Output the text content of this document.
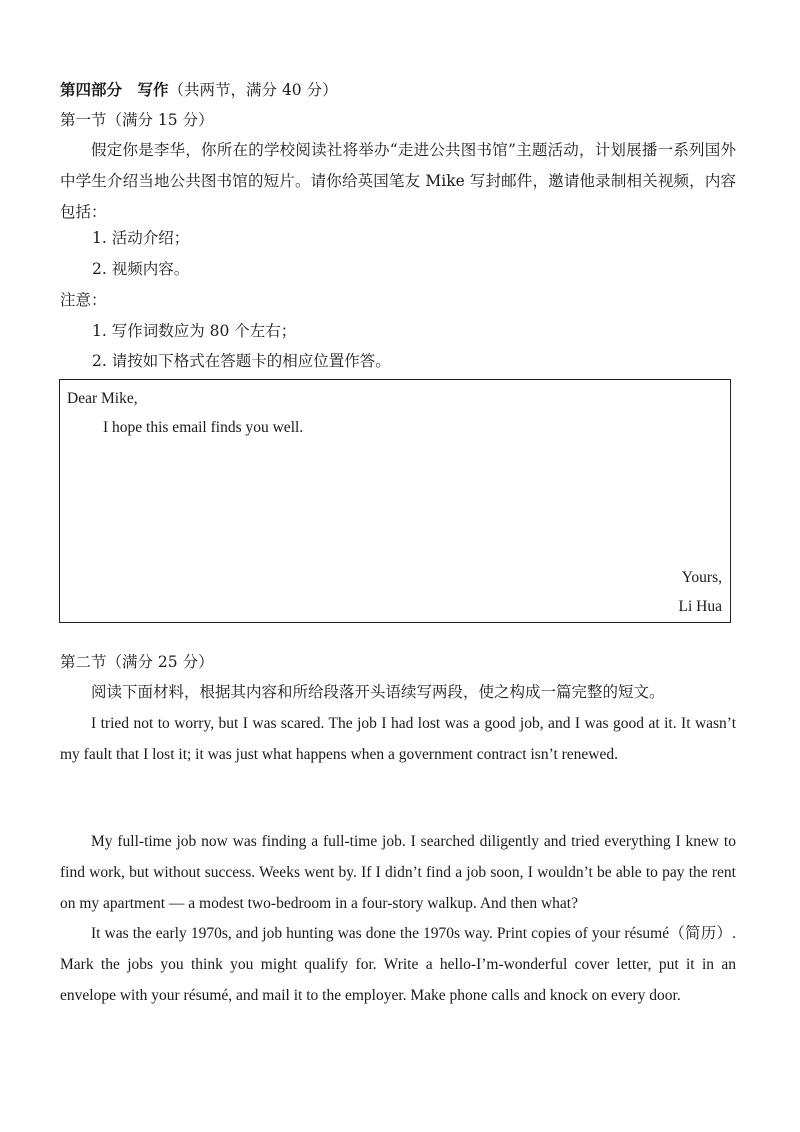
第四部分　写作（共两节，满分 40 分）
第一节（满分 15 分）
假定你是李华，你所在的学校阅读社将举办“走进公共图书馆”主题活动，计划展播一系列国外中学生介绍当地公共图书馆的短片。请你给英国笔友 Mike 写封邮件，邀请他录制相关视频，内容包括：
1. 活动介绍；
2. 视频内容。
注意：
1. 写作词数应为 80 个左右；
2. 请按如下格式在答题卡的相应位置作答。
Dear Mike,
I hope this email finds you well.
Yours,
Li Hua
第二节（满分 25 分）
阅读下面材料，根据其内容和所给段落开头语续写两段，使之构成一篇完整的短文。
I tried not to worry, but I was scared. The job I had lost was a good job, and I was good at it. It wasn’t my fault that I lost it; it was just what happens when a government contract isn’t renewed.
My full-time job now was finding a full-time job. I searched diligently and tried everything I knew to find work, but without success. Weeks went by. If I didn’t find a job soon, I wouldn’t be able to pay the rent on my apartment — a modest two-bedroom in a four-story walkup. And then what?
It was the early 1970s, and job hunting was done the 1970s way. Print copies of your résumé（简历）. Mark the jobs you think you might qualify for. Write a hello-I’m-wonderful cover letter, put it in an envelope with your résumé, and mail it to the employer. Make phone calls and knock on every door.
